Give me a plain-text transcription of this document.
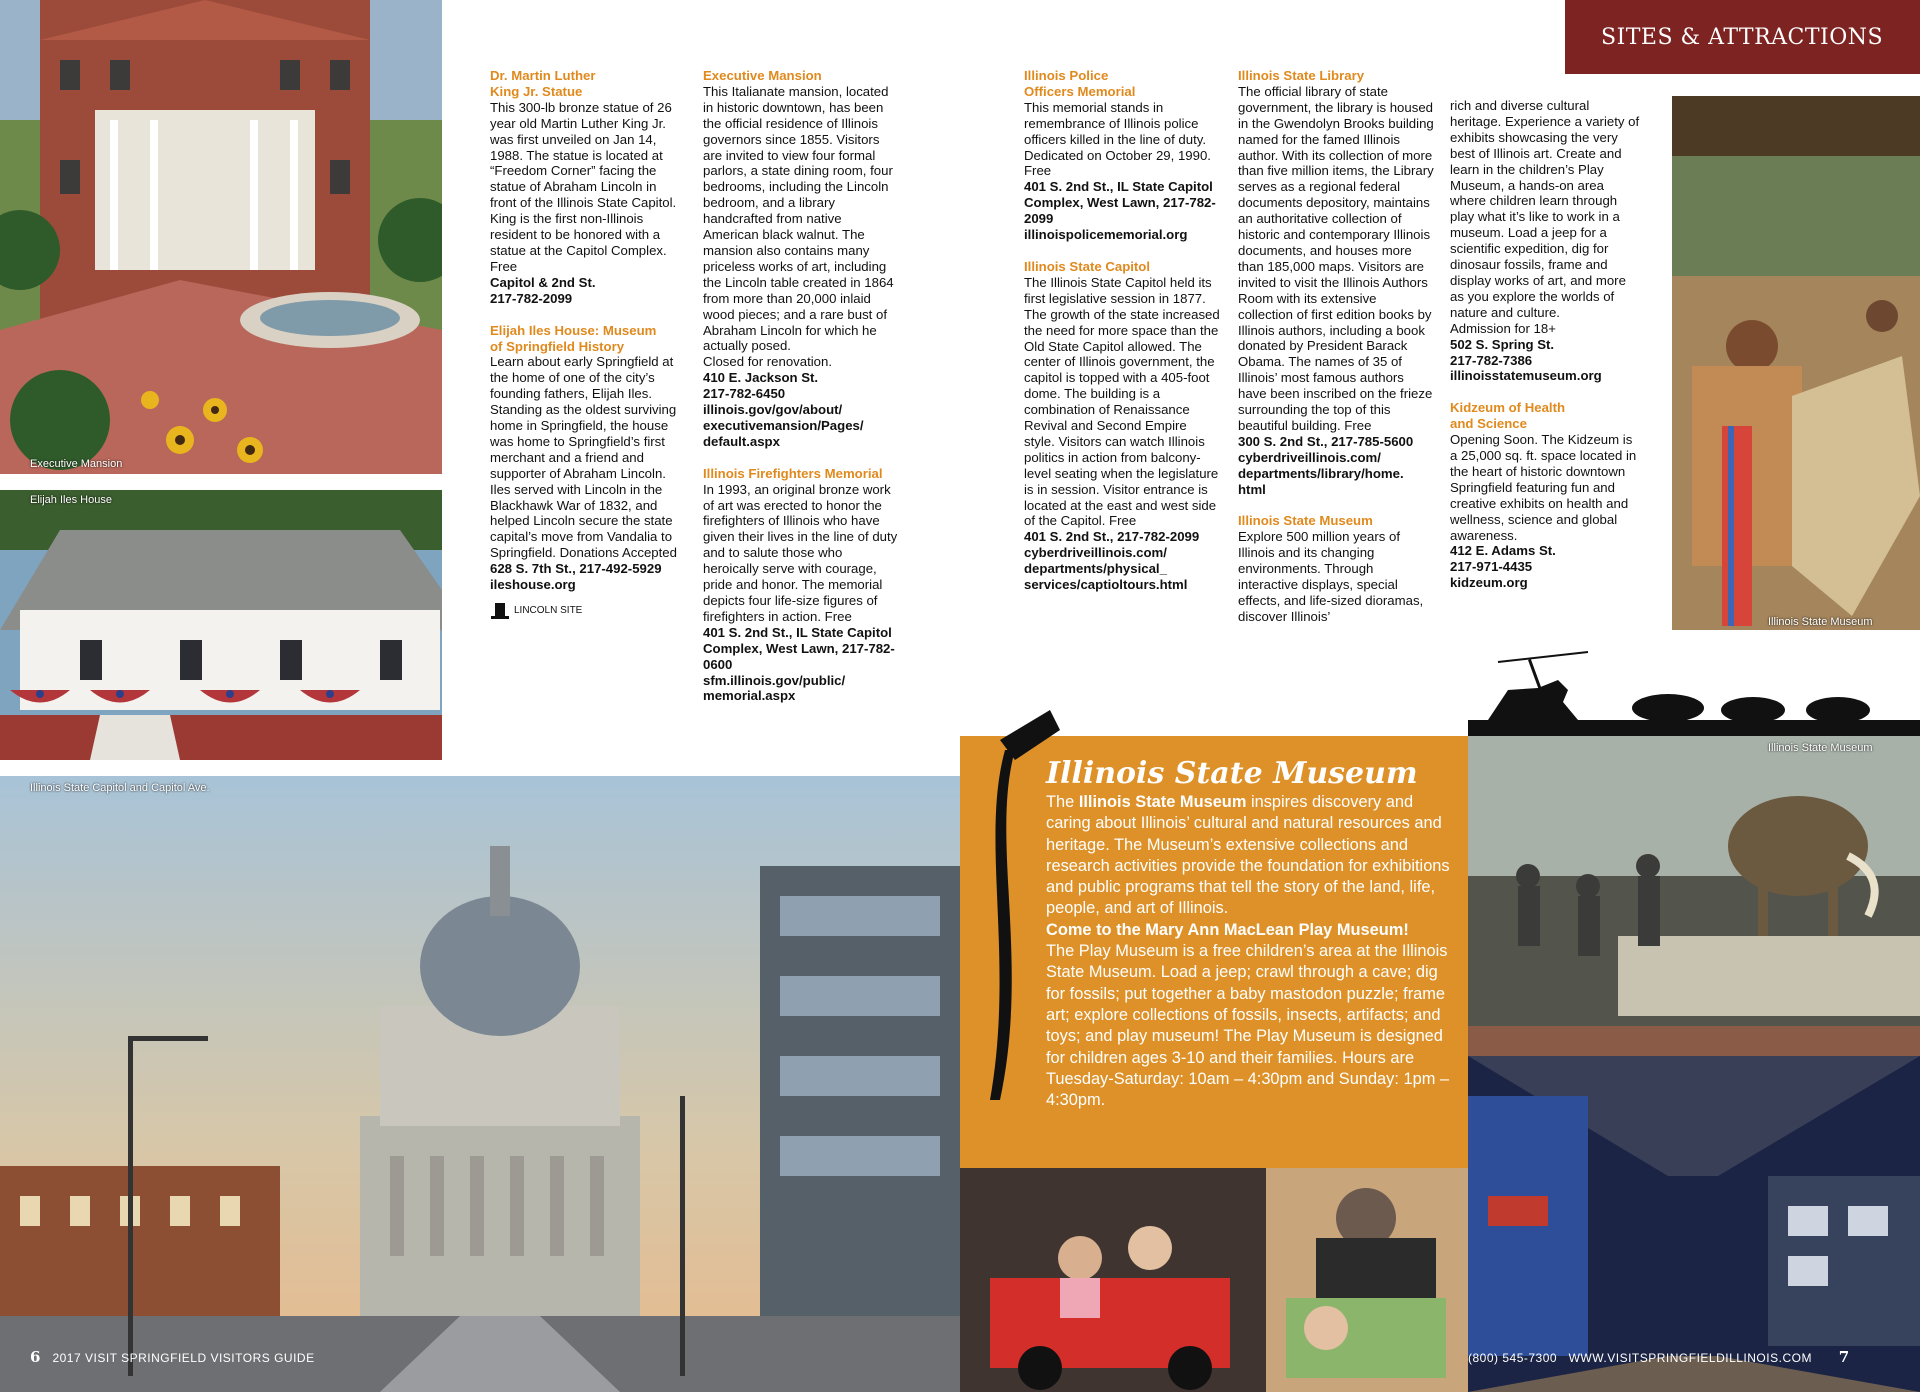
Executive Mansion
Elijah Iles House
Illinois State Capitol and Capitol Ave.
Dr. Martin Luther
King Jr. Statue

This 300-lb bronze statue of 26 year old Martin Luther King Jr. was first unveiled on Jan 14, 1988. The statue is located at “Freedom Corner” facing the statue of Abraham Lincoln in front of the Illinois State Capitol. King is the first non-Illinois resident to be honored with a statue at the Capitol Complex. Free

Capitol & 2nd St.

217-782-2099

Elijah Iles House: Museum
of Springfield History

Learn about early Springfield at the home of one of the city’s founding fathers, Elijah Iles. Standing as the oldest surviving home in Springfield, the house was home to Springfield’s first merchant and a friend and supporter of Abraham Lincoln. Iles served with Lincoln in the Blackhawk War of 1832, and helped Lincoln secure the state capital’s move from Vandalia to Springfield. Donations Accepted

628 S. 7th St., 217-492-5929

ileshouse.org

LINCOLN SITE
Executive Mansion

This Italianate mansion, located in historic downtown, has been the official residence of Illinois governors since 1855. Visitors are invited to view four formal parlors, a state dining room, four bedrooms, including the Lincoln bedroom, and a library handcrafted from native American black walnut. The mansion also contains many priceless works of art, including the Lincoln table created in 1864 from more than 20,000 inlaid wood pieces; and a rare bust of Abraham Lincoln for which he actually posed.

Closed for renovation.

410 E. Jackson St.

217-782-6450

illinois.gov/gov/about/ executivemansion/Pages/ default.aspx

Illinois Firefighters Memorial

In 1993, an original bronze work of art was erected to honor the firefighters of Illinois who have given their lives in the line of duty and to salute those who heroically serve with courage, pride and honor. The memorial depicts four life-size figures of firefighters in action. Free

401 S. 2nd St., IL State Capitol Complex, West Lawn, 217-782-0600

sfm.illinois.gov/public/ memorial.aspx

Illinois Police
Officers Memorial

This memorial stands in remembrance of Illinois police officers killed in the line of duty. Dedicated on October 29, 1990. Free

401 S. 2nd St., IL State Capitol Complex, West Lawn, 217-782-2099

illinoispolicememorial.org

Illinois State Capitol

The Illinois State Capitol held its first legislative session in 1877. The growth of the state increased the need for more space than the Old State Capitol allowed. The center of Illinois government, the capitol is topped with a 405-foot dome. The building is a combination of Renaissance Revival and Second Empire style. Visitors can watch Illinois politics in action from balcony-level seating when the legislature is in session. Visitor entrance is located at the east and west side of the Capitol. Free

401 S. 2nd St., 217-782-2099

cyberdriveillinois.com/ departments/physical_ services/captioltours.html

Illinois State Library

The official library of state government, the library is housed in the Gwendolyn Brooks building named for the famed Illinois author. With its collection of more than five million items, the Library serves as a regional federal documents depository, maintains an authoritative collection of historic and contemporary Illinois documents, and houses more than 185,000 maps. Visitors are invited to visit the Illinois Authors Room with its extensive collection of first edition books by Illinois authors, including a book donated by President Barack Obama. The names of 35 of Illinois’ most famous authors have been inscribed on the frieze surrounding the top of this beautiful building. Free

300 S. 2nd St., 217-785-5600

cyberdriveillinois.com/ departments/library/home. html

Illinois State Museum

Explore 500 million years of Illinois and its changing environments. Through interactive displays, special effects, and life-sized dioramas, discover Illinois’

rich and diverse cultural heritage. Experience a variety of exhibits showcasing the very best of Illinois art. Create and learn in the children’s Play Museum, a hands-on area where children learn through play what it’s like to work in a museum. Load a jeep for a scientific expedition, dig for dinosaur fossils, frame and display works of art, and more as you explore the worlds of nature and culture.

Admission for 18+

502 S. Spring St.

217-782-7386

illinoisstatemuseum.org

Kidzeum of Health
and Science

Opening Soon. The Kidzeum is a 25,000 sq. ft. space located in the heart of historic downtown Springfield featuring fun and creative exhibits on health and wellness, science and global awareness.

412 E. Adams St.

217-971-4435

kidzeum.org

SITES & ATTRACTIONS
Illinois State Museum
Illinois State Museum

The Illinois State Museum inspires discovery and caring about Illinois’ cultural and natural resources and heritage. The Museum’s extensive collections and research activities provide the foundation for exhibitions and public programs that tell the story of the land, life, people, and art of Illinois.

Come to the Mary Ann MacLean Play Museum!

The Play Museum is a free children’s area at the Illinois State Museum. Load a jeep; crawl through a cave; dig for fossils; put together a baby mastodon puzzle; frame art; explore collections of fossils, insects, artifacts; and toys; and play museum! The Play Museum is designed for children ages 3-10 and their families. Hours are Tuesday-Saturday: 10am – 4:30pm and Sunday: 1pm – 4:30pm.

Illinois State Museum
6 2017 VISIT SPRINGFIELD VISITORS GUIDE	(800) 545-7300 WWW.VISITSPRINGFIELDILLINOIS.COM 7
